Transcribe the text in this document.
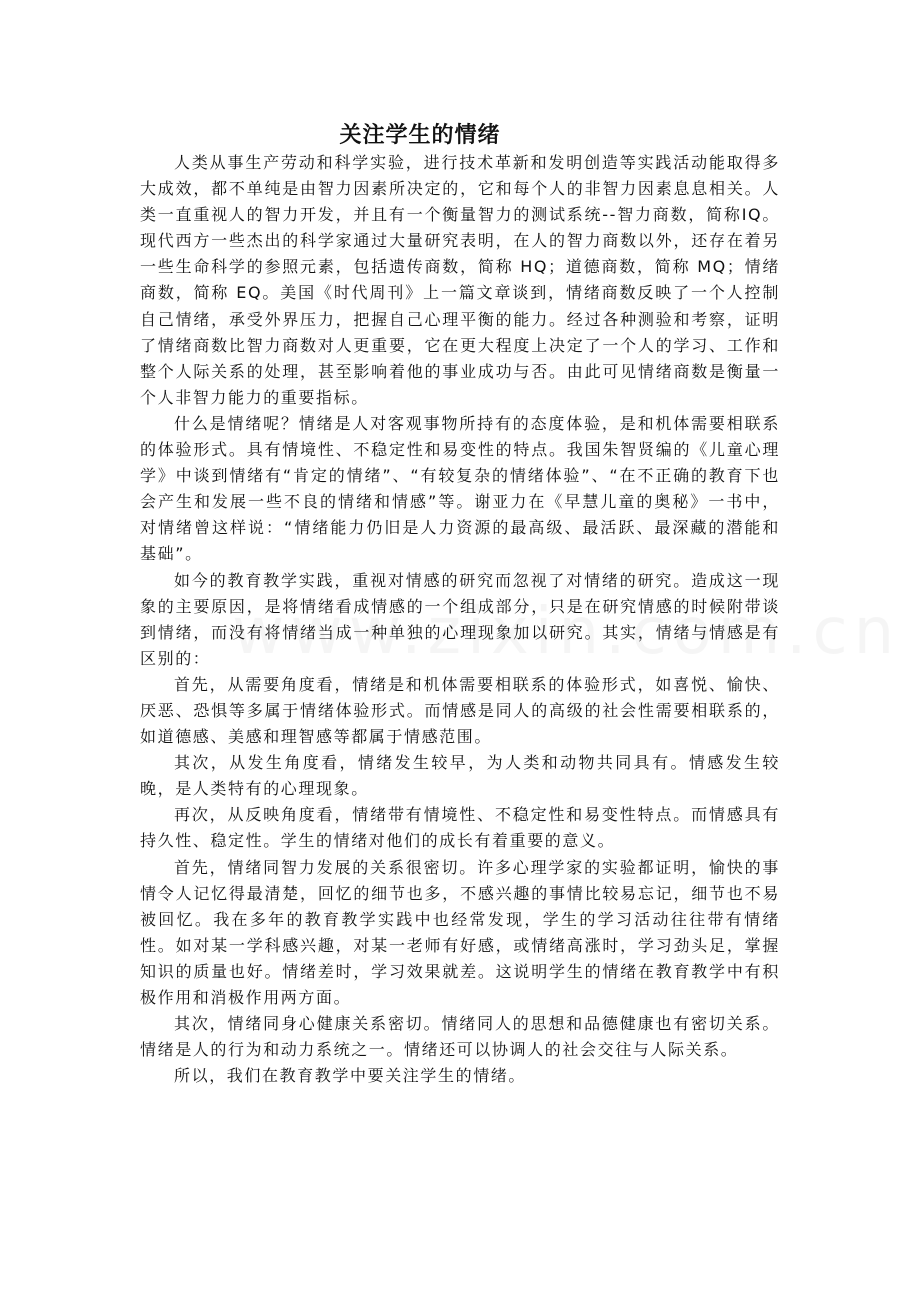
关注学生的情绪

人类从事生产劳动和科学实验，进行技术革新和发明创造等实践活动能取得多大成效，都不单纯是由智力因素所决定的，它和每个人的非智力因素息息相关。人类一直重视人的智力开发，并且有一个衡量智力的测试系统--智力商数，简称IQ。现代西方一些杰出的科学家通过大量研究表明，在人的智力商数以外，还存在着另一些生命科学的参照元素，包括遗传商数，简称 HQ；道德商数，简称 MQ；情绪商数，简称 EQ。美国《时代周刊》上一篇文章谈到，情绪商数反映了一个人控制自己情绪，承受外界压力，把握自己心理平衡的能力。经过各种测验和考察，证明了情绪商数比智力商数对人更重要，它在更大程度上决定了一个人的学习、工作和整个人际关系的处理，甚至影响着他的事业成功与否。由此可见情绪商数是衡量一个人非智力能力的重要指标。

什么是情绪呢？情绪是人对客观事物所持有的态度体验，是和机体需要相联系的体验形式。具有情境性、不稳定性和易变性的特点。我国朱智贤编的《儿童心理学》中谈到情绪有“肯定的情绪”、“有较复杂的情绪体验”、“在不正确的教育下也会产生和发展一些不良的情绪和情感”等。谢亚力在《早慧儿童的奥秘》一书中，对情绪曾这样说：“情绪能力仍旧是人力资源的最高级、最活跃、最深藏的潜能和基础”。

如今的教育教学实践，重视对情感的研究而忽视了对情绪的研究。造成这一现象的主要原因，是将情绪看成情感的一个组成部分，只是在研究情感的时候附带谈到情绪，而没有将情绪当成一种单独的心理现象加以研究。其实，情绪与情感是有区别的：

首先，从需要角度看，情绪是和机体需要相联系的体验形式，如喜悦、愉快、厌恶、恐惧等多属于情绪体验形式。而情感是同人的高级的社会性需要相联系的，如道德感、美感和理智感等都属于情感范围。

其次，从发生角度看，情绪发生较早，为人类和动物共同具有。情感发生较晚，是人类特有的心理现象。

再次，从反映角度看，情绪带有情境性、不稳定性和易变性特点。而情感具有持久性、稳定性。学生的情绪对他们的成长有着重要的意义。

首先，情绪同智力发展的关系很密切。许多心理学家的实验都证明，愉快的事情令人记忆得最清楚，回忆的细节也多，不感兴趣的事情比较易忘记，细节也不易被回忆。我在多年的教育教学实践中也经常发现，学生的学习活动往往带有情绪性。如对某一学科感兴趣，对某一老师有好感，或情绪高涨时，学习劲头足，掌握知识的质量也好。情绪差时，学习效果就差。这说明学生的情绪在教育教学中有积极作用和消极作用两方面。

其次，情绪同身心健康关系密切。情绪同人的思想和品德健康也有密切关系。情绪是人的行为和动力系统之一。情绪还可以协调人的社会交往与人际关系。

所以，我们在教育教学中要关注学生的情绪。
